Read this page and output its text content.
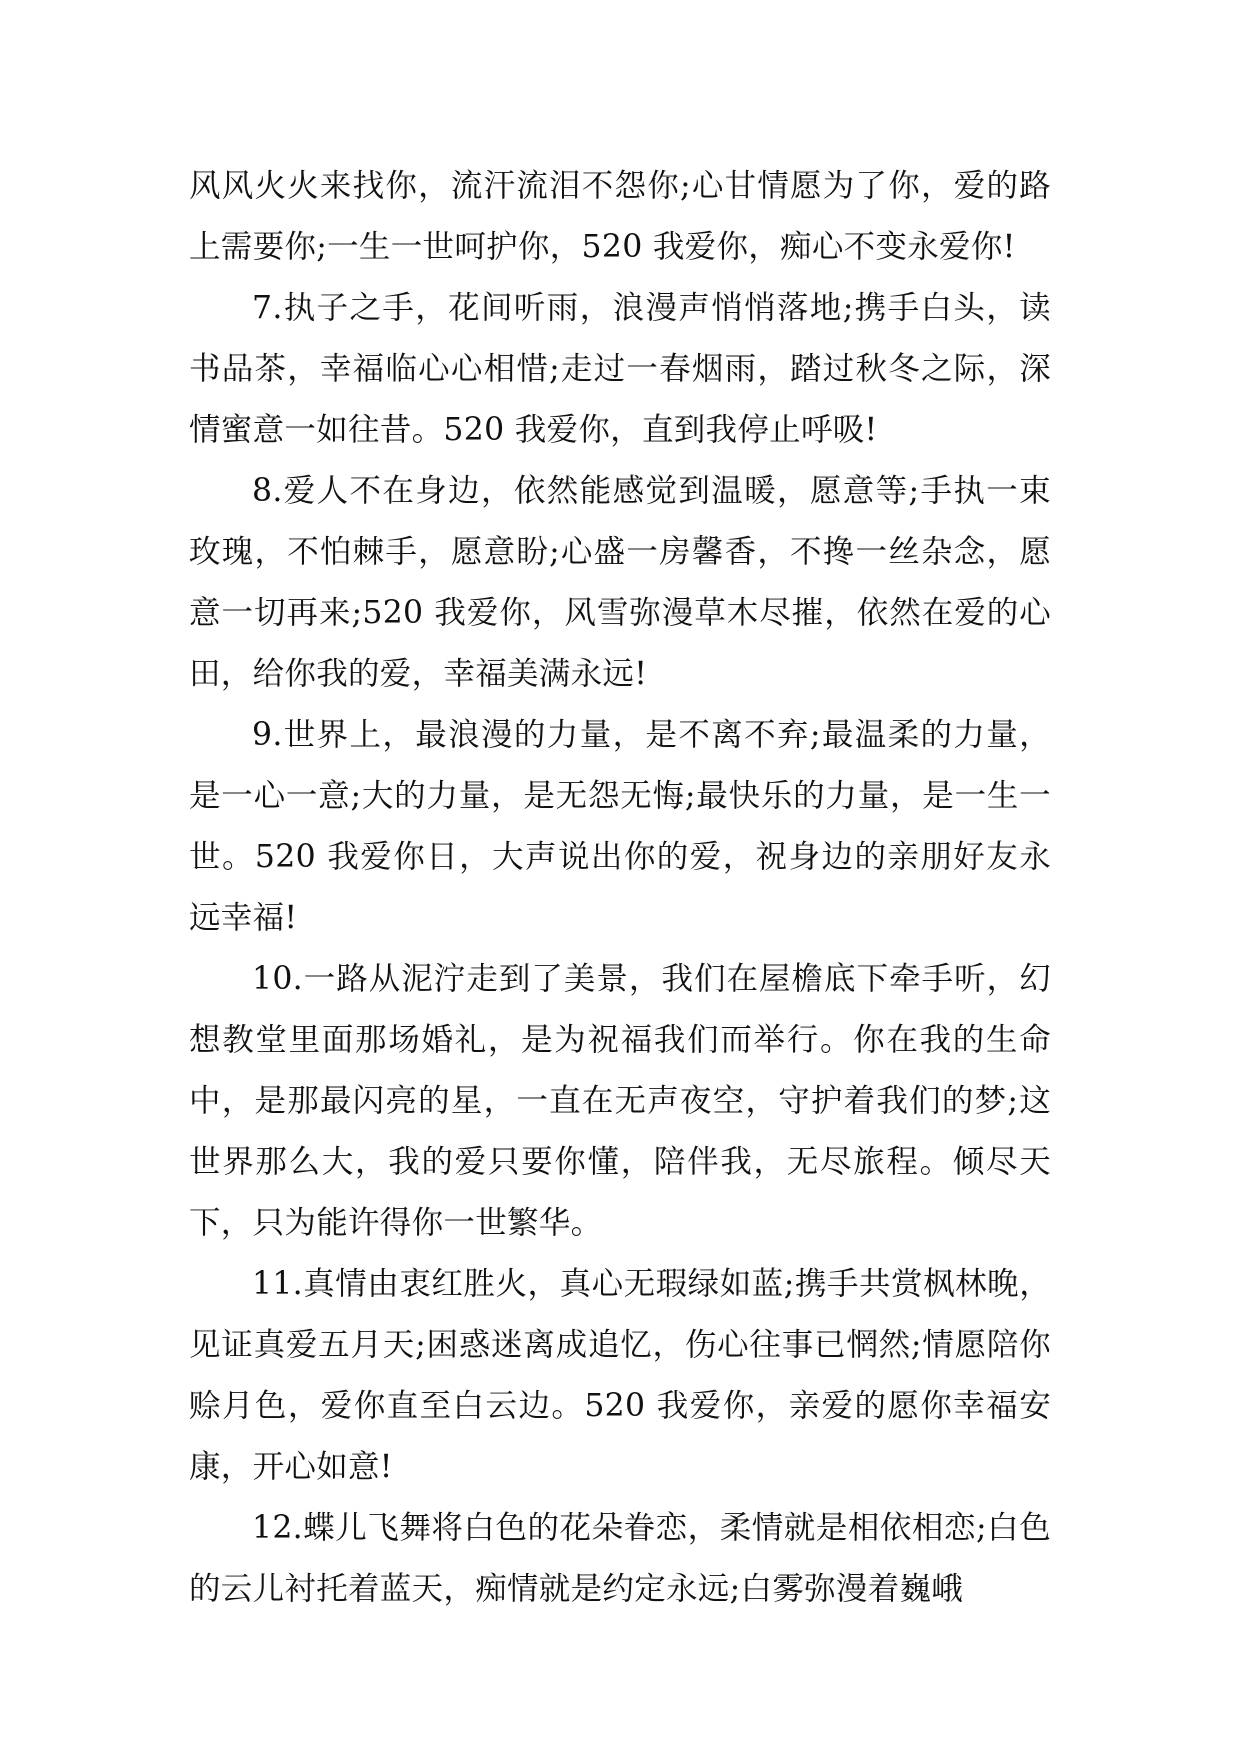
风风火火来找你，流汗流泪不怨你;心甘情愿为了你，爱的路上需要你;一生一世呵护你，520 我爱你，痴心不变永爱你!

7.执子之手，花间听雨，浪漫声悄悄落地;携手白头，读书品茶，幸福临心心相惜;走过一春烟雨，踏过秋冬之际，深情蜜意一如往昔。520 我爱你，直到我停止呼吸!

8.爱人不在身边，依然能感觉到温暖，愿意等;手执一束玫瑰，不怕棘手，愿意盼;心盛一房馨香，不搀一丝杂念，愿意一切再来;520 我爱你，风雪弥漫草木尽摧，依然在爱的心田，给你我的爱，幸福美满永远!

9.世界上，最浪漫的力量，是不离不弃;最温柔的力量，是一心一意;大的力量，是无怨无悔;最快乐的力量，是一生一世。520 我爱你日，大声说出你的爱，祝身边的亲朋好友永远幸福!

10.一路从泥泞走到了美景，我们在屋檐底下牵手听，幻想教堂里面那场婚礼，是为祝福我们而举行。你在我的生命中，是那最闪亮的星，一直在无声夜空，守护着我们的梦;这世界那么大，我的爱只要你懂，陪伴我，无尽旅程。倾尽天下，只为能许得你一世繁华。

11.真情由衷红胜火，真心无瑕绿如蓝;携手共赏枫林晚，见证真爱五月天;困惑迷离成追忆，伤心往事已惘然;情愿陪你赊月色，爱你直至白云边。520 我爱你，亲爱的愿你幸福安康，开心如意!

12.蝶儿飞舞将白色的花朵眷恋，柔情就是相依相恋;白色的云儿衬托着蓝天，痴情就是约定永远;白雾弥漫着巍峨
